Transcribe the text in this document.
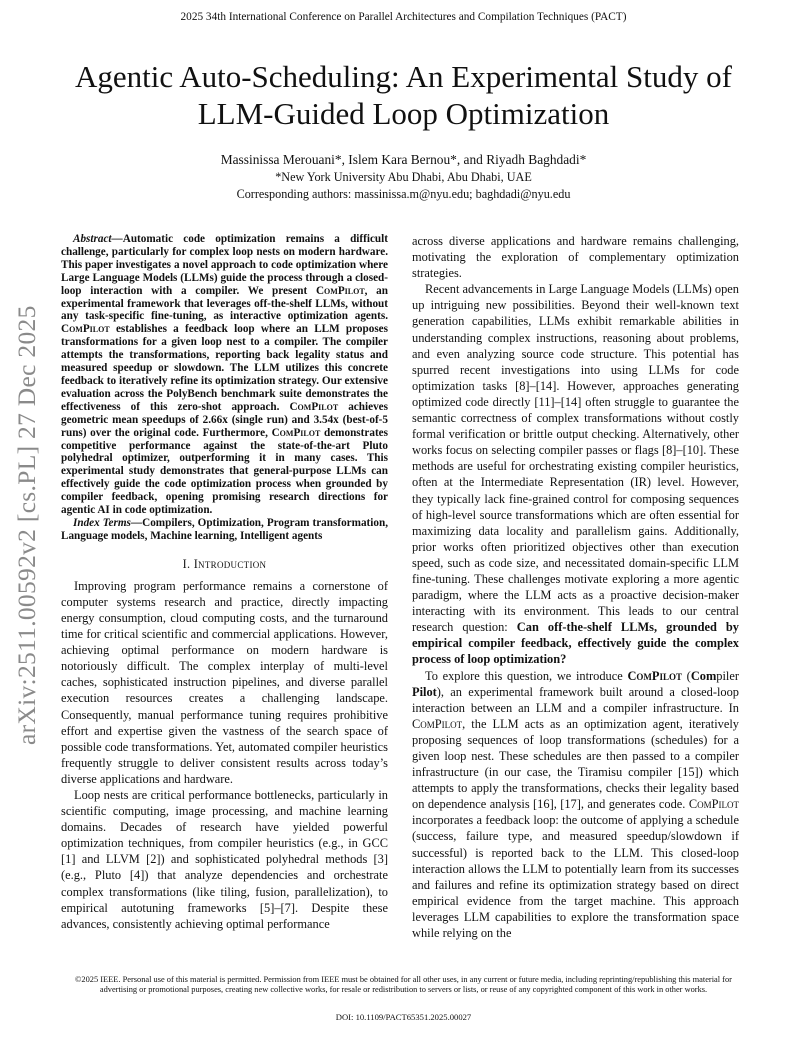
2025 34th International Conference on Parallel Architectures and Compilation Techniques (PACT)
Agentic Auto-Scheduling: An Experimental Study of LLM-Guided Loop Optimization
Massinissa Merouani*, Islem Kara Bernou*, and Riyadh Baghdadi*
*New York University Abu Dhabi, Abu Dhabi, UAE
Corresponding authors: massinissa.m@nyu.edu; baghdadi@nyu.edu
arXiv:2511.00592v2 [cs.PL] 27 Dec 2025

Abstract—Automatic code optimization remains a difficult challenge, particularly for complex loop nests on modern hardware. This paper investigates a novel approach to code optimization where Large Language Models (LLMs) guide the process through a closed-loop interaction with a compiler. We present ComPilot, an experimental framework that leverages off-the-shelf LLMs, without any task-specific fine-tuning, as interactive optimization agents. ComPilot establishes a feedback loop where an LLM proposes transformations for a given loop nest to a compiler. The compiler attempts the transformations, reporting back legality status and measured speedup or slowdown. The LLM utilizes this concrete feedback to iteratively refine its optimization strategy. Our extensive evaluation across the PolyBench benchmark suite demonstrates the effectiveness of this zero-shot approach. ComPilot achieves geometric mean speedups of 2.66x (single run) and 3.54x (best-of-5 runs) over the original code. Furthermore, ComPilot demonstrates competitive performance against the state-of-the-art Pluto polyhedral optimizer, outperforming it in many cases. This experimental study demonstrates that general-purpose LLMs can effectively guide the code optimization process when grounded by compiler feedback, opening promising research directions for agentic AI in code optimization.

Index Terms—Compilers, Optimization, Program transformation, Language models, Machine learning, Intelligent agents

I. Introduction

Improving program performance remains a cornerstone of computer systems research and practice, directly impacting energy consumption, cloud computing costs, and the turnaround time for critical scientific and commercial applications. However, achieving optimal performance on modern hardware is notoriously difficult. The complex interplay of multi-level caches, sophisticated instruction pipelines, and diverse parallel execution resources creates a challenging landscape. Consequently, manual performance tuning requires prohibitive effort and expertise given the vastness of the search space of possible code transformations. Yet, automated compiler heuristics frequently struggle to deliver consistent results across today’s diverse applications and hardware.

Loop nests are critical performance bottlenecks, particularly in scientific computing, image processing, and machine learning domains. Decades of research have yielded powerful optimization techniques, from compiler heuristics (e.g., in GCC [1] and LLVM [2]) and sophisticated polyhedral methods [3] (e.g., Pluto [4]) that analyze dependencies and orchestrate complex transformations (like tiling, fusion, parallelization), to empirical autotuning frameworks [5]–[7]. Despite these advances, consistently achieving optimal performance

across diverse applications and hardware remains challenging, motivating the exploration of complementary optimization strategies.

Recent advancements in Large Language Models (LLMs) open up intriguing new possibilities. Beyond their well-known text generation capabilities, LLMs exhibit remarkable abilities in understanding complex instructions, reasoning about problems, and even analyzing source code structure. This potential has spurred recent investigations into using LLMs for code optimization tasks [8]–[14]. However, approaches generating optimized code directly [11]–[14] often struggle to guarantee the semantic correctness of complex transformations without costly formal verification or brittle output checking. Alternatively, other works focus on selecting compiler passes or flags [8]–[10]. These methods are useful for orchestrating existing compiler heuristics, often at the Intermediate Representation (IR) level. However, they typically lack fine-grained control for composing sequences of high-level source transformations which are often essential for maximizing data locality and parallelism gains. Additionally, prior works often prioritized objectives other than execution speed, such as code size, and necessitated domain-specific LLM fine-tuning. These challenges motivate exploring a more agentic paradigm, where the LLM acts as a proactive decision-maker interacting with its environment. This leads to our central research question: Can off-the-shelf LLMs, grounded by empirical compiler feedback, effectively guide the complex process of loop optimization?

To explore this question, we introduce ComPilot (Compiler Pilot), an experimental framework built around a closed-loop interaction between an LLM and a compiler infrastructure. In ComPilot, the LLM acts as an optimization agent, iteratively proposing sequences of loop transformations (schedules) for a given loop nest. These schedules are then passed to a compiler infrastructure (in our case, the Tiramisu compiler [15]) which attempts to apply the transformations, checks their legality based on dependence analysis [16], [17], and generates code. ComPilot incorporates a feedback loop: the outcome of applying a schedule (success, failure type, and measured speedup/slowdown if successful) is reported back to the LLM. This closed-loop interaction allows the LLM to potentially learn from its successes and failures and refine its optimization strategy based on direct empirical evidence from the target machine. This approach leverages LLM capabilities to explore the transformation space while relying on the

©2025 IEEE. Personal use of this material is permitted. Permission from IEEE must be obtained for all other uses, in any current or future media, including reprinting/republishing this material for advertising or promotional purposes, creating new collective works, for resale or redistribution to servers or lists, or reuse of any copyrighted component of this work in other works.
DOI: 10.1109/PACT65351.2025.00027
